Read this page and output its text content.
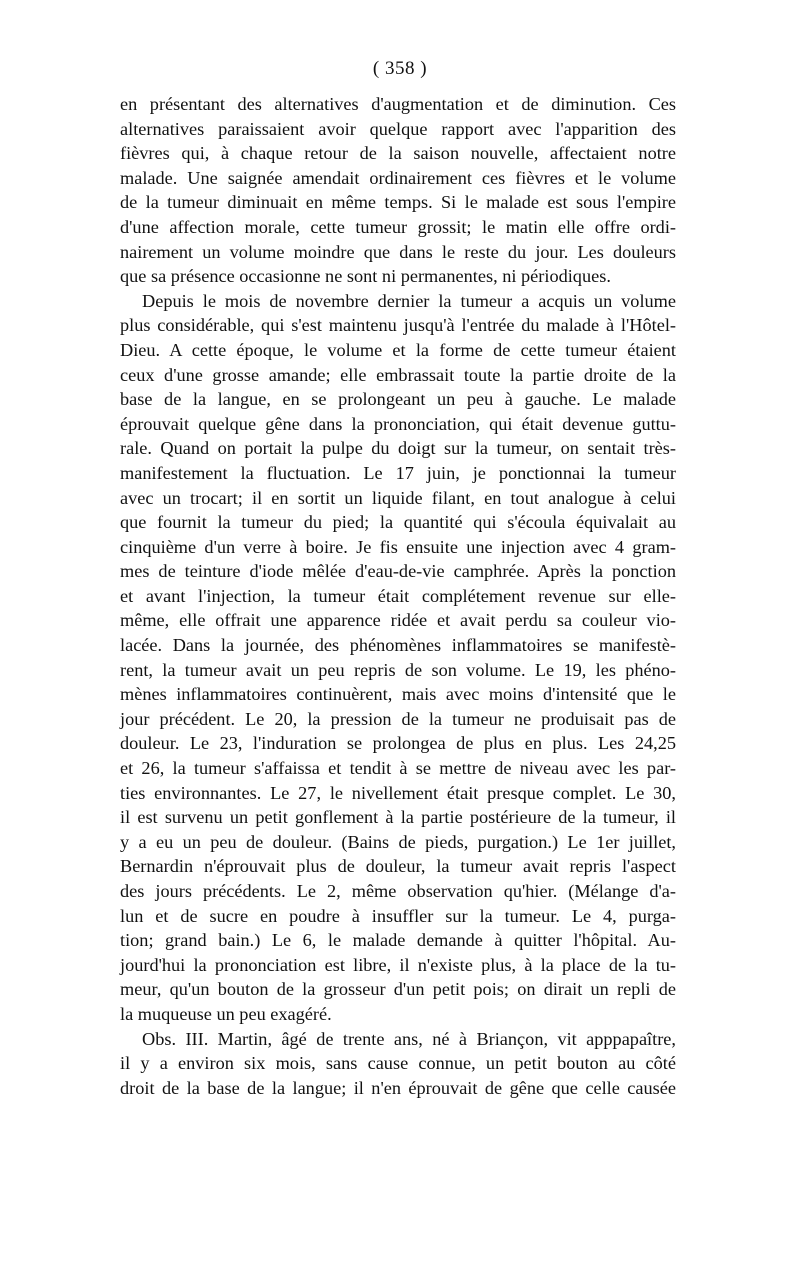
( 358 )
en présentant des alternatives d'augmentation et de diminution. Ces
alternatives paraissaient avoir quelque rapport avec l'apparition des
fièvres qui, à chaque retour de la saison nouvelle, affectaient notre
malade. Une saignée amendait ordinairement ces fièvres et le volume
de la tumeur diminuait en même temps. Si le malade est sous l'empire
d'une affection morale, cette tumeur grossit; le matin elle offre ordi-
nairement un volume moindre que dans le reste du jour. Les douleurs
que sa présence occasionne ne sont ni permanentes, ni périodiques.
Depuis le mois de novembre dernier la tumeur a acquis un volume
plus considérable, qui s'est maintenu jusqu'à l'entrée du malade à l'Hôtel-
Dieu. A cette époque, le volume et la forme de cette tumeur étaient
ceux d'une grosse amande; elle embrassait toute la partie droite de la
base de la langue, en se prolongeant un peu à gauche. Le malade
éprouvait quelque gêne dans la prononciation, qui était devenue guttu-
rale. Quand on portait la pulpe du doigt sur la tumeur, on sentait très-
manifestement la fluctuation. Le 17 juin, je ponctionnai la tumeur
avec un trocart; il en sortit un liquide filant, en tout analogue à celui
que fournit la tumeur du pied; la quantité qui s'écoula équivalait au
cinquième d'un verre à boire. Je fis ensuite une injection avec 4 gram-
mes de teinture d'iode mêlée d'eau-de-vie camphrée. Après la ponction
et avant l'injection, la tumeur était complétement revenue sur elle-
même, elle offrait une apparence ridée et avait perdu sa couleur vio-
lacée. Dans la journée, des phénomènes inflammatoires se manifestè-
rent, la tumeur avait un peu repris de son volume. Le 19, les phéno-
mènes inflammatoires continuèrent, mais avec moins d'intensité que le
jour précédent. Le 20, la pression de la tumeur ne produisait pas de
douleur. Le 23, l'induration se prolongea de plus en plus. Les 24,25
et 26, la tumeur s'affaissa et tendit à se mettre de niveau avec les par-
ties environnantes. Le 27, le nivellement était presque complet. Le 30,
il est survenu un petit gonflement à la partie postérieure de la tumeur, il
y a eu un peu de douleur. (Bains de pieds, purgation.) Le 1er juillet,
Bernardin n'éprouvait plus de douleur, la tumeur avait repris l'aspect
des jours précédents. Le 2, même observation qu'hier. (Mélange d'a-
lun et de sucre en poudre à insuffler sur la tumeur. Le 4, purga-
tion; grand bain.) Le 6, le malade demande à quitter l'hôpital. Au-
jourd'hui la prononciation est libre, il n'existe plus, à la place de la tu-
meur, qu'un bouton de la grosseur d'un petit pois; on dirait un repli de
la muqueuse un peu exagéré.
Obs. III. Martin, âgé de trente ans, né à Briançon, vit apppараître,
il y a environ six mois, sans cause connue, un petit bouton au côté
droit de la base de la langue; il n'en éprouvait de gêne que celle causée
